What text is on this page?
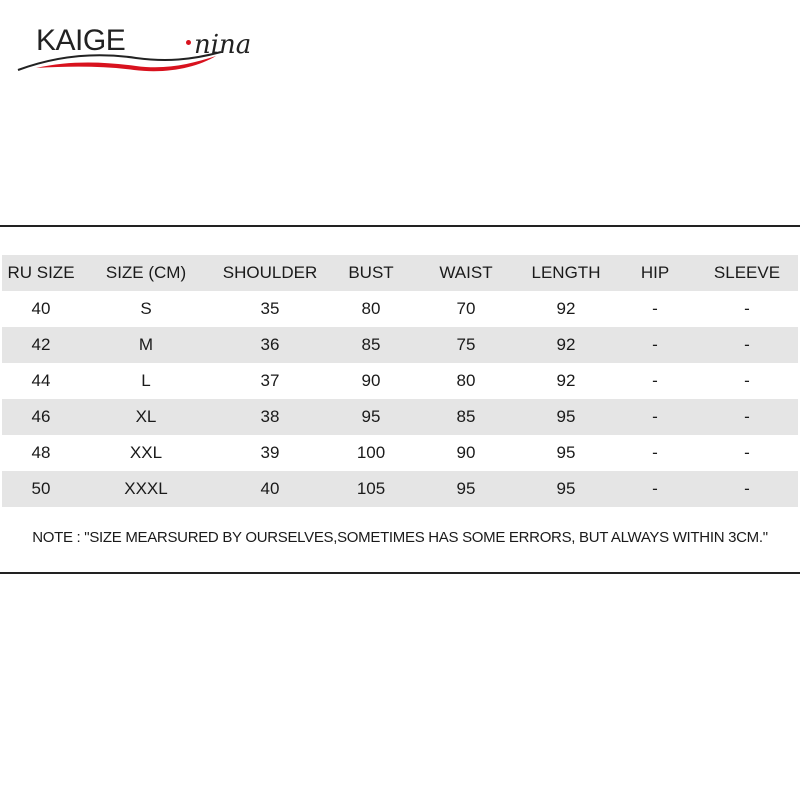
KAIGE	nina
RU SIZE	SIZE (CM)	SHOULDER	BUST	WAIST	LENGTH	HIP	SLEEVE
40	S	35	80	70	92	-	-
42	M	36	85	75	92	-	-
44	L	37	90	80	92	-	-
46	XL	38	95	85	95	-	-
48	XXL	39	100	90	95	-	-
50	XXXL	40	105	95	95	-	-
NOTE : "SIZE MEARSURED BY OURSELVES,SOMETIMES HAS SOME ERRORS, BUT ALWAYS WITHIN 3CM."
